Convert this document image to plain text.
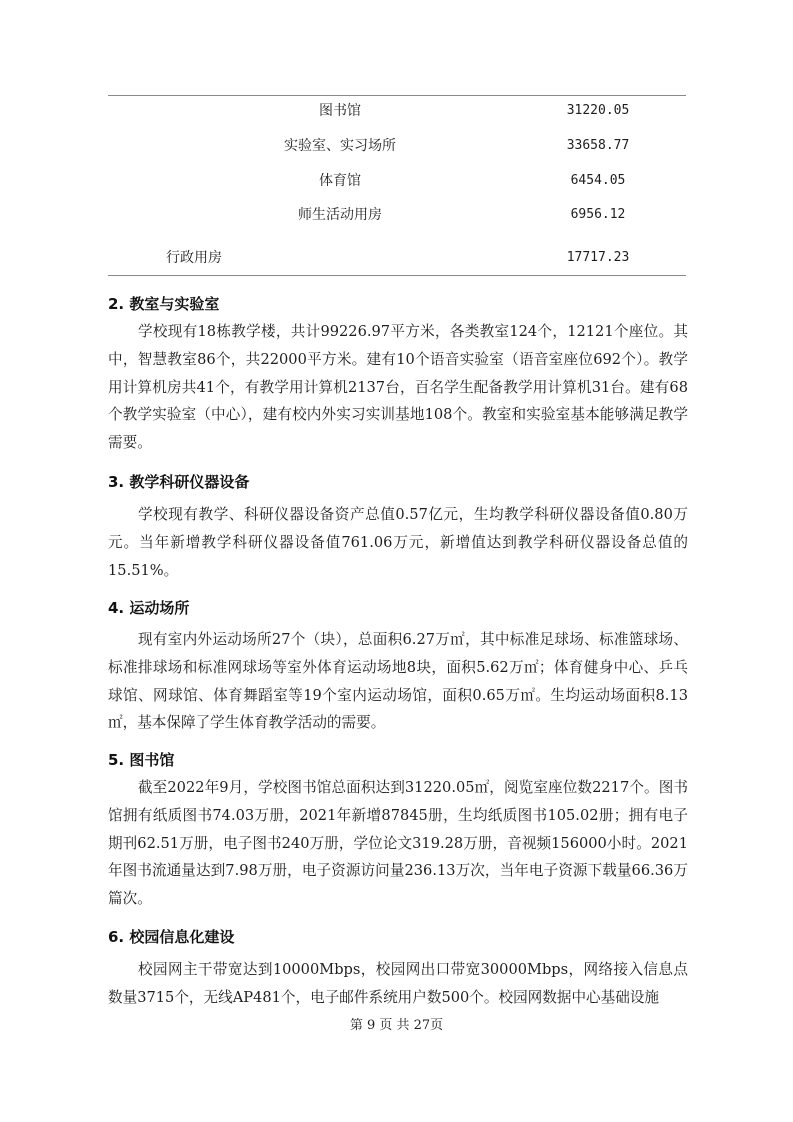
图书馆	31220.05
实验室、实习场所	33658.77
体育馆	6454.05
师生活动用房	6956.12
行政用房	17717.23
2. 教室与实验室

学校现有18栋教学楼，共计99226.97平方米，各类教室124个，12121个座位。其中，智慧教室86个，共22000平方米。建有10个语音实验室（语音室座位692个）。教学用计算机房共41个，有教学用计算机2137台，百名学生配备教学用计算机31台。建有68个教学实验室（中心），建有校内外实习实训基地108个。教室和实验室基本能够满足教学需要。

3. 教学科研仪器设备

学校现有教学、科研仪器设备资产总值0.57亿元，生均教学科研仪器设备值0.80万元。当年新增教学科研仪器设备值761.06万元，新增值达到教学科研仪器设备总值的15.51%。

4. 运动场所

现有室内外运动场所27个（块），总面积6.27万㎡，其中标准足球场、标准篮球场、标准排球场和标准网球场等室外体育运动场地8块，面积5.62万㎡；体育健身中心、乒乓球馆、网球馆、体育舞蹈室等19个室内运动场馆，面积0.65万㎡。生均运动场面积8.13㎡，基本保障了学生体育教学活动的需要。

5. 图书馆

截至2022年9月，学校图书馆总面积达到31220.05㎡，阅览室座位数2217个。图书馆拥有纸质图书74.03万册，2021年新增87845册，生均纸质图书105.02册；拥有电子期刊62.51万册，电子图书240万册，学位论文319.28万册，音视频156000小时。2021年图书流通量达到7.98万册，电子资源访问量236.13万次，当年电子资源下载量66.36万篇次。

6. 校园信息化建设

校园网主干带宽达到10000Mbps，校园网出口带宽30000Mbps，网络接入信息点数量3715个，无线AP481个，电子邮件系统用户数500个。校园网数据中心基础设施

第 9 页 共 27页
